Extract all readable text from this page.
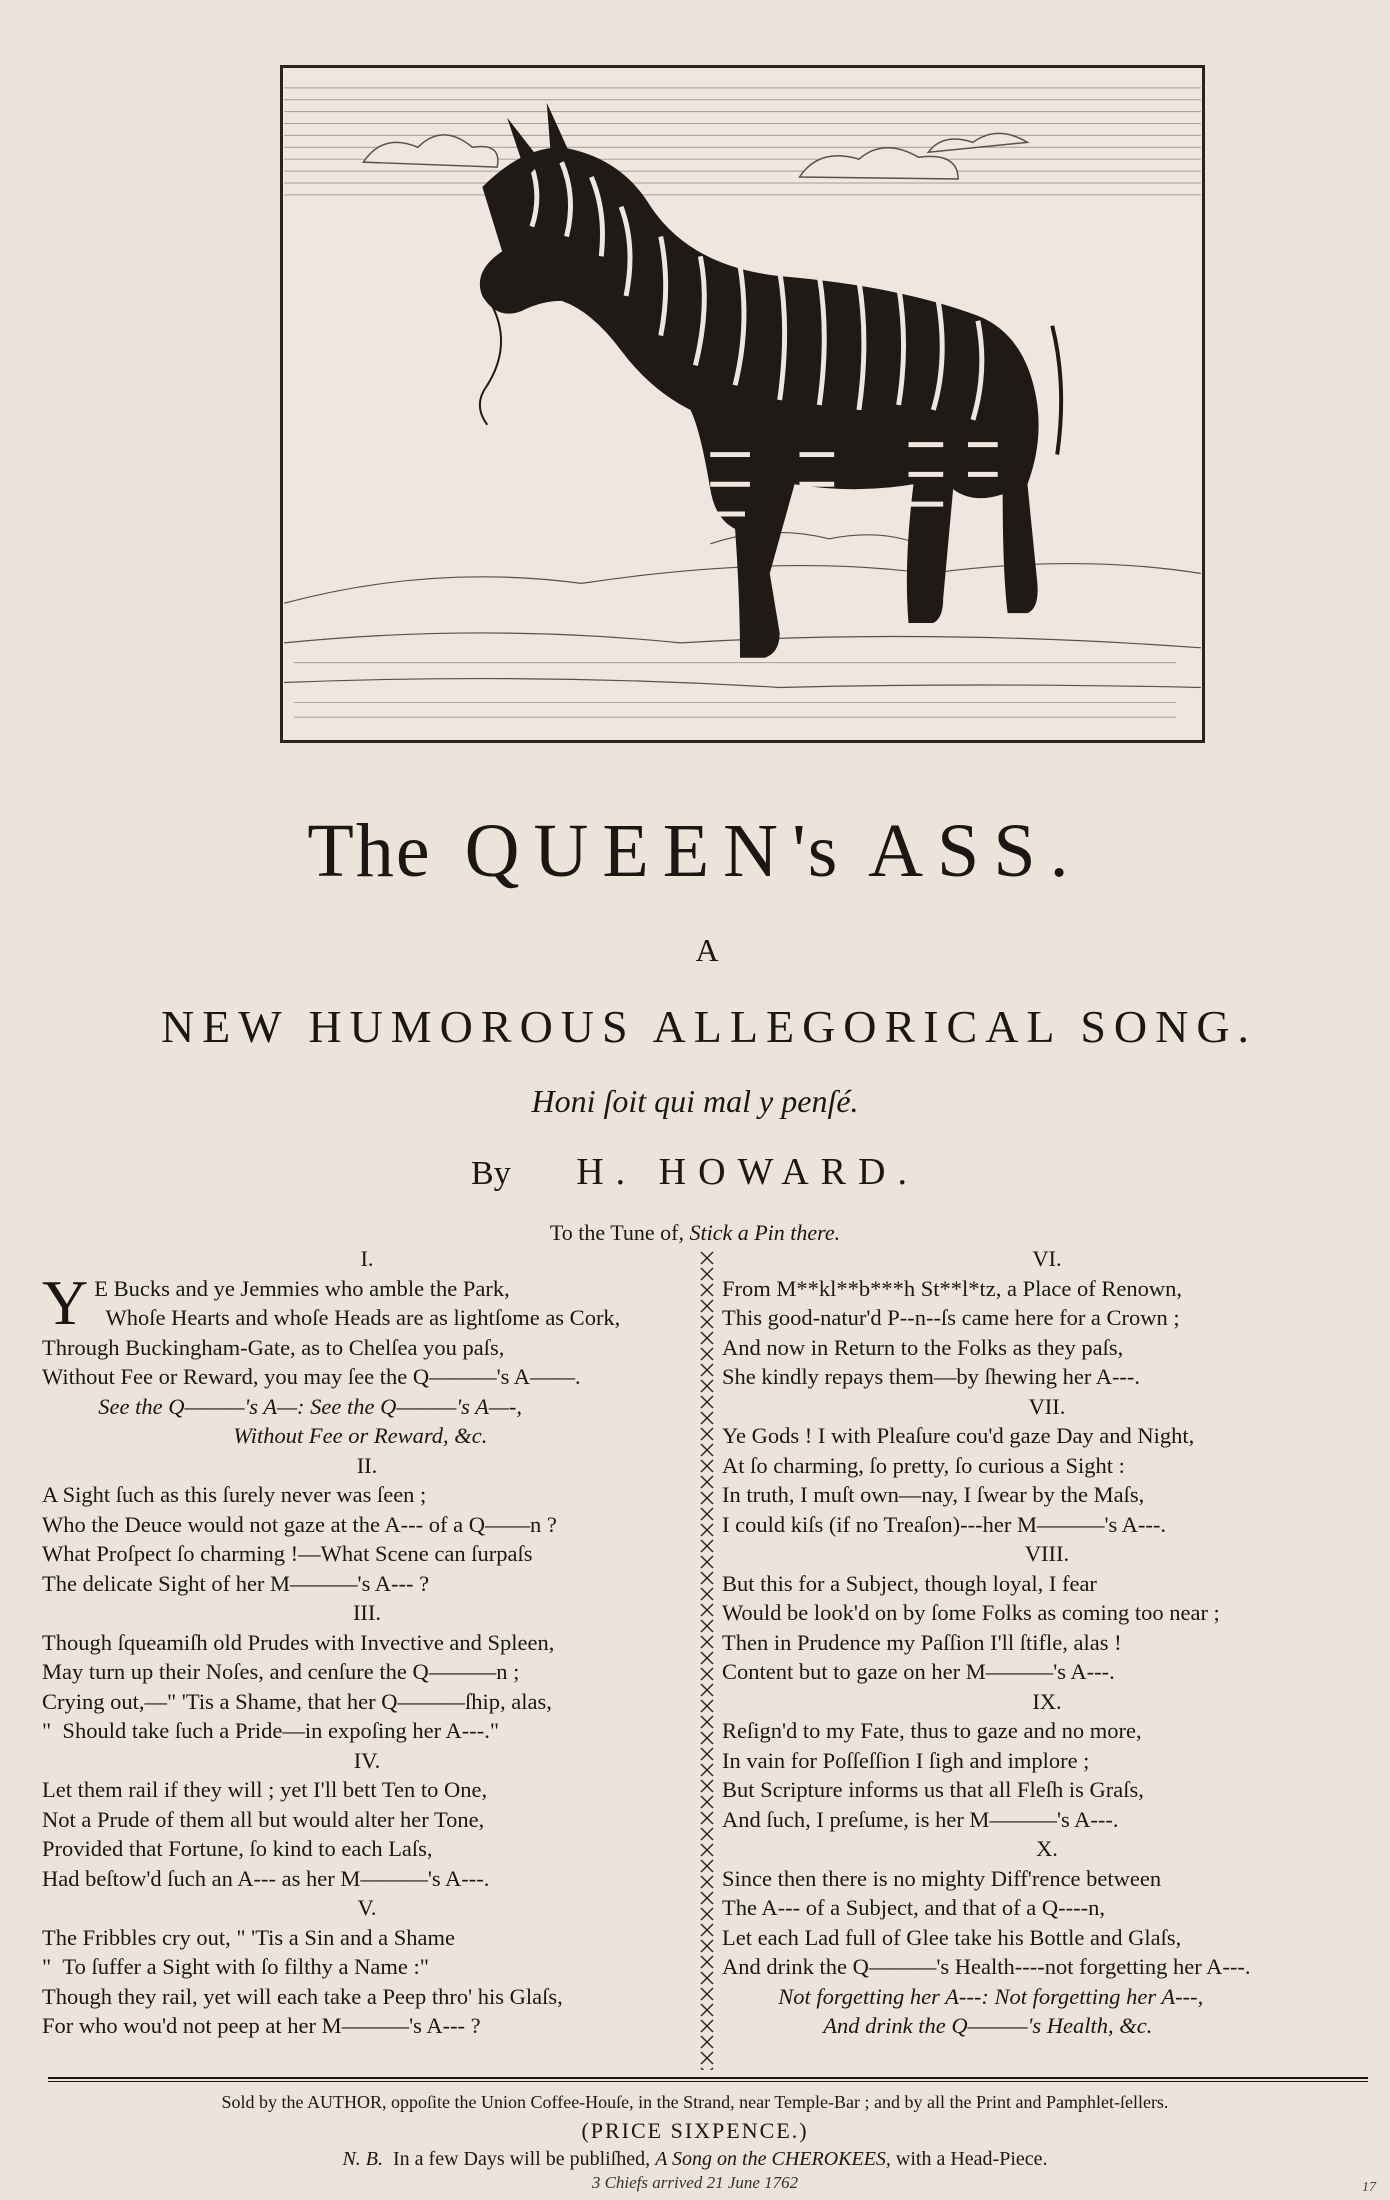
The QUEEN's ASS.
A
NEW HUMOROUS ALLEGORICAL SONG.
Honi ſoit qui mal y penſé.
By H. HOWARD.
To the Tune of, Stick a Pin there.
I.
Y E Bucks and ye Jemmies who amble the Park,
Whoſe Hearts and whoſe Heads are as lightſome as Cork,
Through Buckingham-Gate, as to Chelſea you paſs,
Without Fee or Reward, you may ſee the Q———'s A——.
See the Q———'s A—: See the Q———'s A—-,
Without Fee or Reward, &c.
II.
A Sight ſuch as this ſurely never was ſeen ;
Who the Deuce would not gaze at the A--- of a Q——n ?
What Proſpect ſo charming !—What Scene can ſurpaſs
The delicate Sight of her M———'s A--- ?
III.
Though ſqueamiſh old Prudes with Invective and Spleen,
May turn up their Noſes, and cenſure the Q———n ;
Crying out,—" 'Tis a Shame, that her Q———ſhip, alas,
"  Should take ſuch a Pride—in expoſing her A---."
IV.
Let them rail if they will ; yet I'll bett Ten to One,
Not a Prude of them all but would alter her Tone,
Provided that Fortune, ſo kind to each Laſs,
Had beſtow'd ſuch an A--- as her M———'s A---.
V.
The Fribbles cry out, " 'Tis a Sin and a Shame
"  To ſuffer a Sight with ſo filthy a Name :"
Though they rail, yet will each take a Peep thro' his Glaſs,
For who wou'd not peep at her M———'s A--- ?
VI.
From M**kl**b***h St**l*tz, a Place of Renown,
This good-natur'd P--n--ſs came here for a Crown ;
And now in Return to the Folks as they paſs,
She kindly repays them—by ſhewing her A---.
VII.
Ye Gods ! I with Pleaſure cou'd gaze Day and Night,
At ſo charming, ſo pretty, ſo curious a Sight :
In truth, I muſt own—nay, I ſwear by the Maſs,
I could kiſs (if no Treaſon)---her M———'s A---.
VIII.
But this for a Subject, though loyal, I fear
Would be look'd on by ſome Folks as coming too near ;
Then in Prudence my Paſſion I'll ſtifle, alas !
Content but to gaze on her M———'s A---.
IX.
Reſign'd to my Fate, thus to gaze and no more,
In vain for Poſſeſſion I ſigh and implore ;
But Scripture informs us that all Fleſh is Graſs,
And ſuch, I preſume, is her M———'s A---.
X.
Since then there is no mighty Diff'rence between
The A--- of a Subject, and that of a Q----n,
Let each Lad full of Glee take his Bottle and Glaſs,
And drink the Q———'s Health----not forgetting her A---.
Not forgetting her A---: Not forgetting her A---,
And drink the Q———'s Health, &c.
Sold by the AUTHOR, oppoſite the Union Coffee-Houſe, in the Strand, near Temple-Bar ; and by all the Print and Pamphlet-ſellers.
(PRICE SIXPENCE.)
N. B. In a few Days will be publiſhed, A Song on the CHEROKEES, with a Head-Piece.
3 Chiefs arrived 21 June 1762	17
